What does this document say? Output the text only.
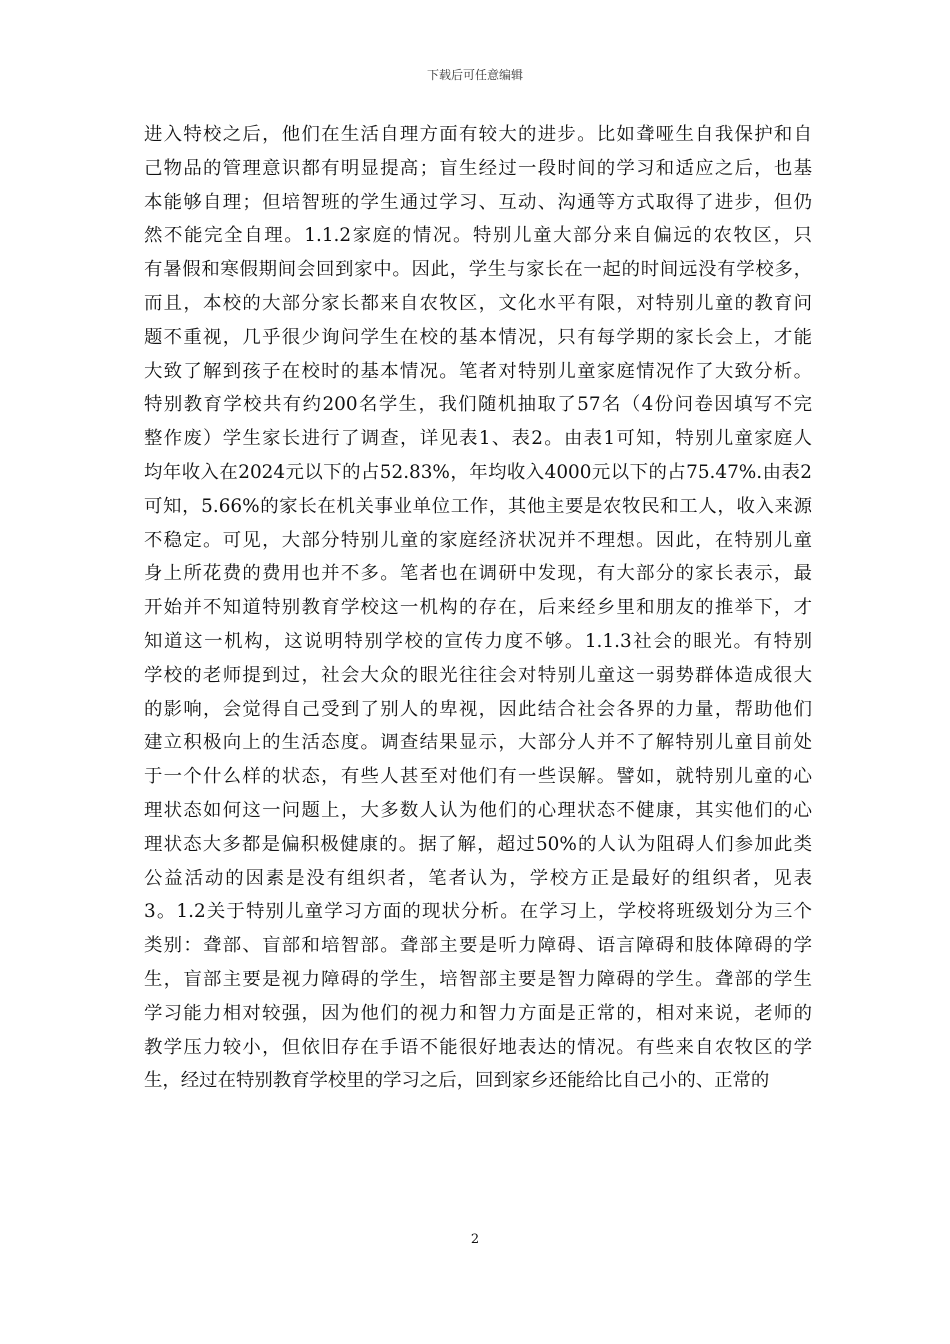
下载后可任意编辑
进入特校之后，他们在生活自理方面有较大的进步。比如聋哑生自我保护和自
己物品的管理意识都有明显提高；盲生经过一段时间的学习和适应之后，也基
本能够自理；但培智班的学生通过学习、互动、沟通等方式取得了进步，但仍
然不能完全自理。1.1.2家庭的情况。特别儿童大部分来自偏远的农牧区，只
有暑假和寒假期间会回到家中。因此，学生与家长在一起的时间远没有学校多，
而且，本校的大部分家长都来自农牧区，文化水平有限，对特别儿童的教育问
题不重视，几乎很少询问学生在校的基本情况，只有每学期的家长会上，才能
大致了解到孩子在校时的基本情况。笔者对特别儿童家庭情况作了大致分析。
特别教育学校共有约200名学生，我们随机抽取了57名（4份问卷因填写不完
整作废）学生家长进行了调查，详见表1、表2。由表1可知，特别儿童家庭人
均年收入在2024元以下的占52.83%，年均收入4000元以下的占75.47%.由表2
可知，5.66%的家长在机关事业单位工作，其他主要是农牧民和工人，收入来源
不稳定。可见，大部分特别儿童的家庭经济状况并不理想。因此，在特别儿童
身上所花费的费用也并不多。笔者也在调研中发现，有大部分的家长表示，最
开始并不知道特别教育学校这一机构的存在，后来经乡里和朋友的推举下，才
知道这一机构，这说明特别学校的宣传力度不够。1.1.3社会的眼光。有特别
学校的老师提到过，社会大众的眼光往往会对特别儿童这一弱势群体造成很大
的影响，会觉得自己受到了别人的卑视，因此结合社会各界的力量，帮助他们
建立积极向上的生活态度。调查结果显示，大部分人并不了解特别儿童目前处
于一个什么样的状态，有些人甚至对他们有一些误解。譬如，就特别儿童的心
理状态如何这一问题上，大多数人认为他们的心理状态不健康，其实他们的心
理状态大多都是偏积极健康的。据了解，超过50%的人认为阻碍人们参加此类
公益活动的因素是没有组织者，笔者认为，学校方正是最好的组织者，见表
3。1.2关于特别儿童学习方面的现状分析。在学习上，学校将班级划分为三个
类别：聋部、盲部和培智部。聋部主要是听力障碍、语言障碍和肢体障碍的学
生，盲部主要是视力障碍的学生，培智部主要是智力障碍的学生。聋部的学生
学习能力相对较强，因为他们的视力和智力方面是正常的，相对来说，老师的
教学压力较小，但依旧存在手语不能很好地表达的情况。有些来自农牧区的学
生，经过在特别教育学校里的学习之后，回到家乡还能给比自己小的、正常的
2
